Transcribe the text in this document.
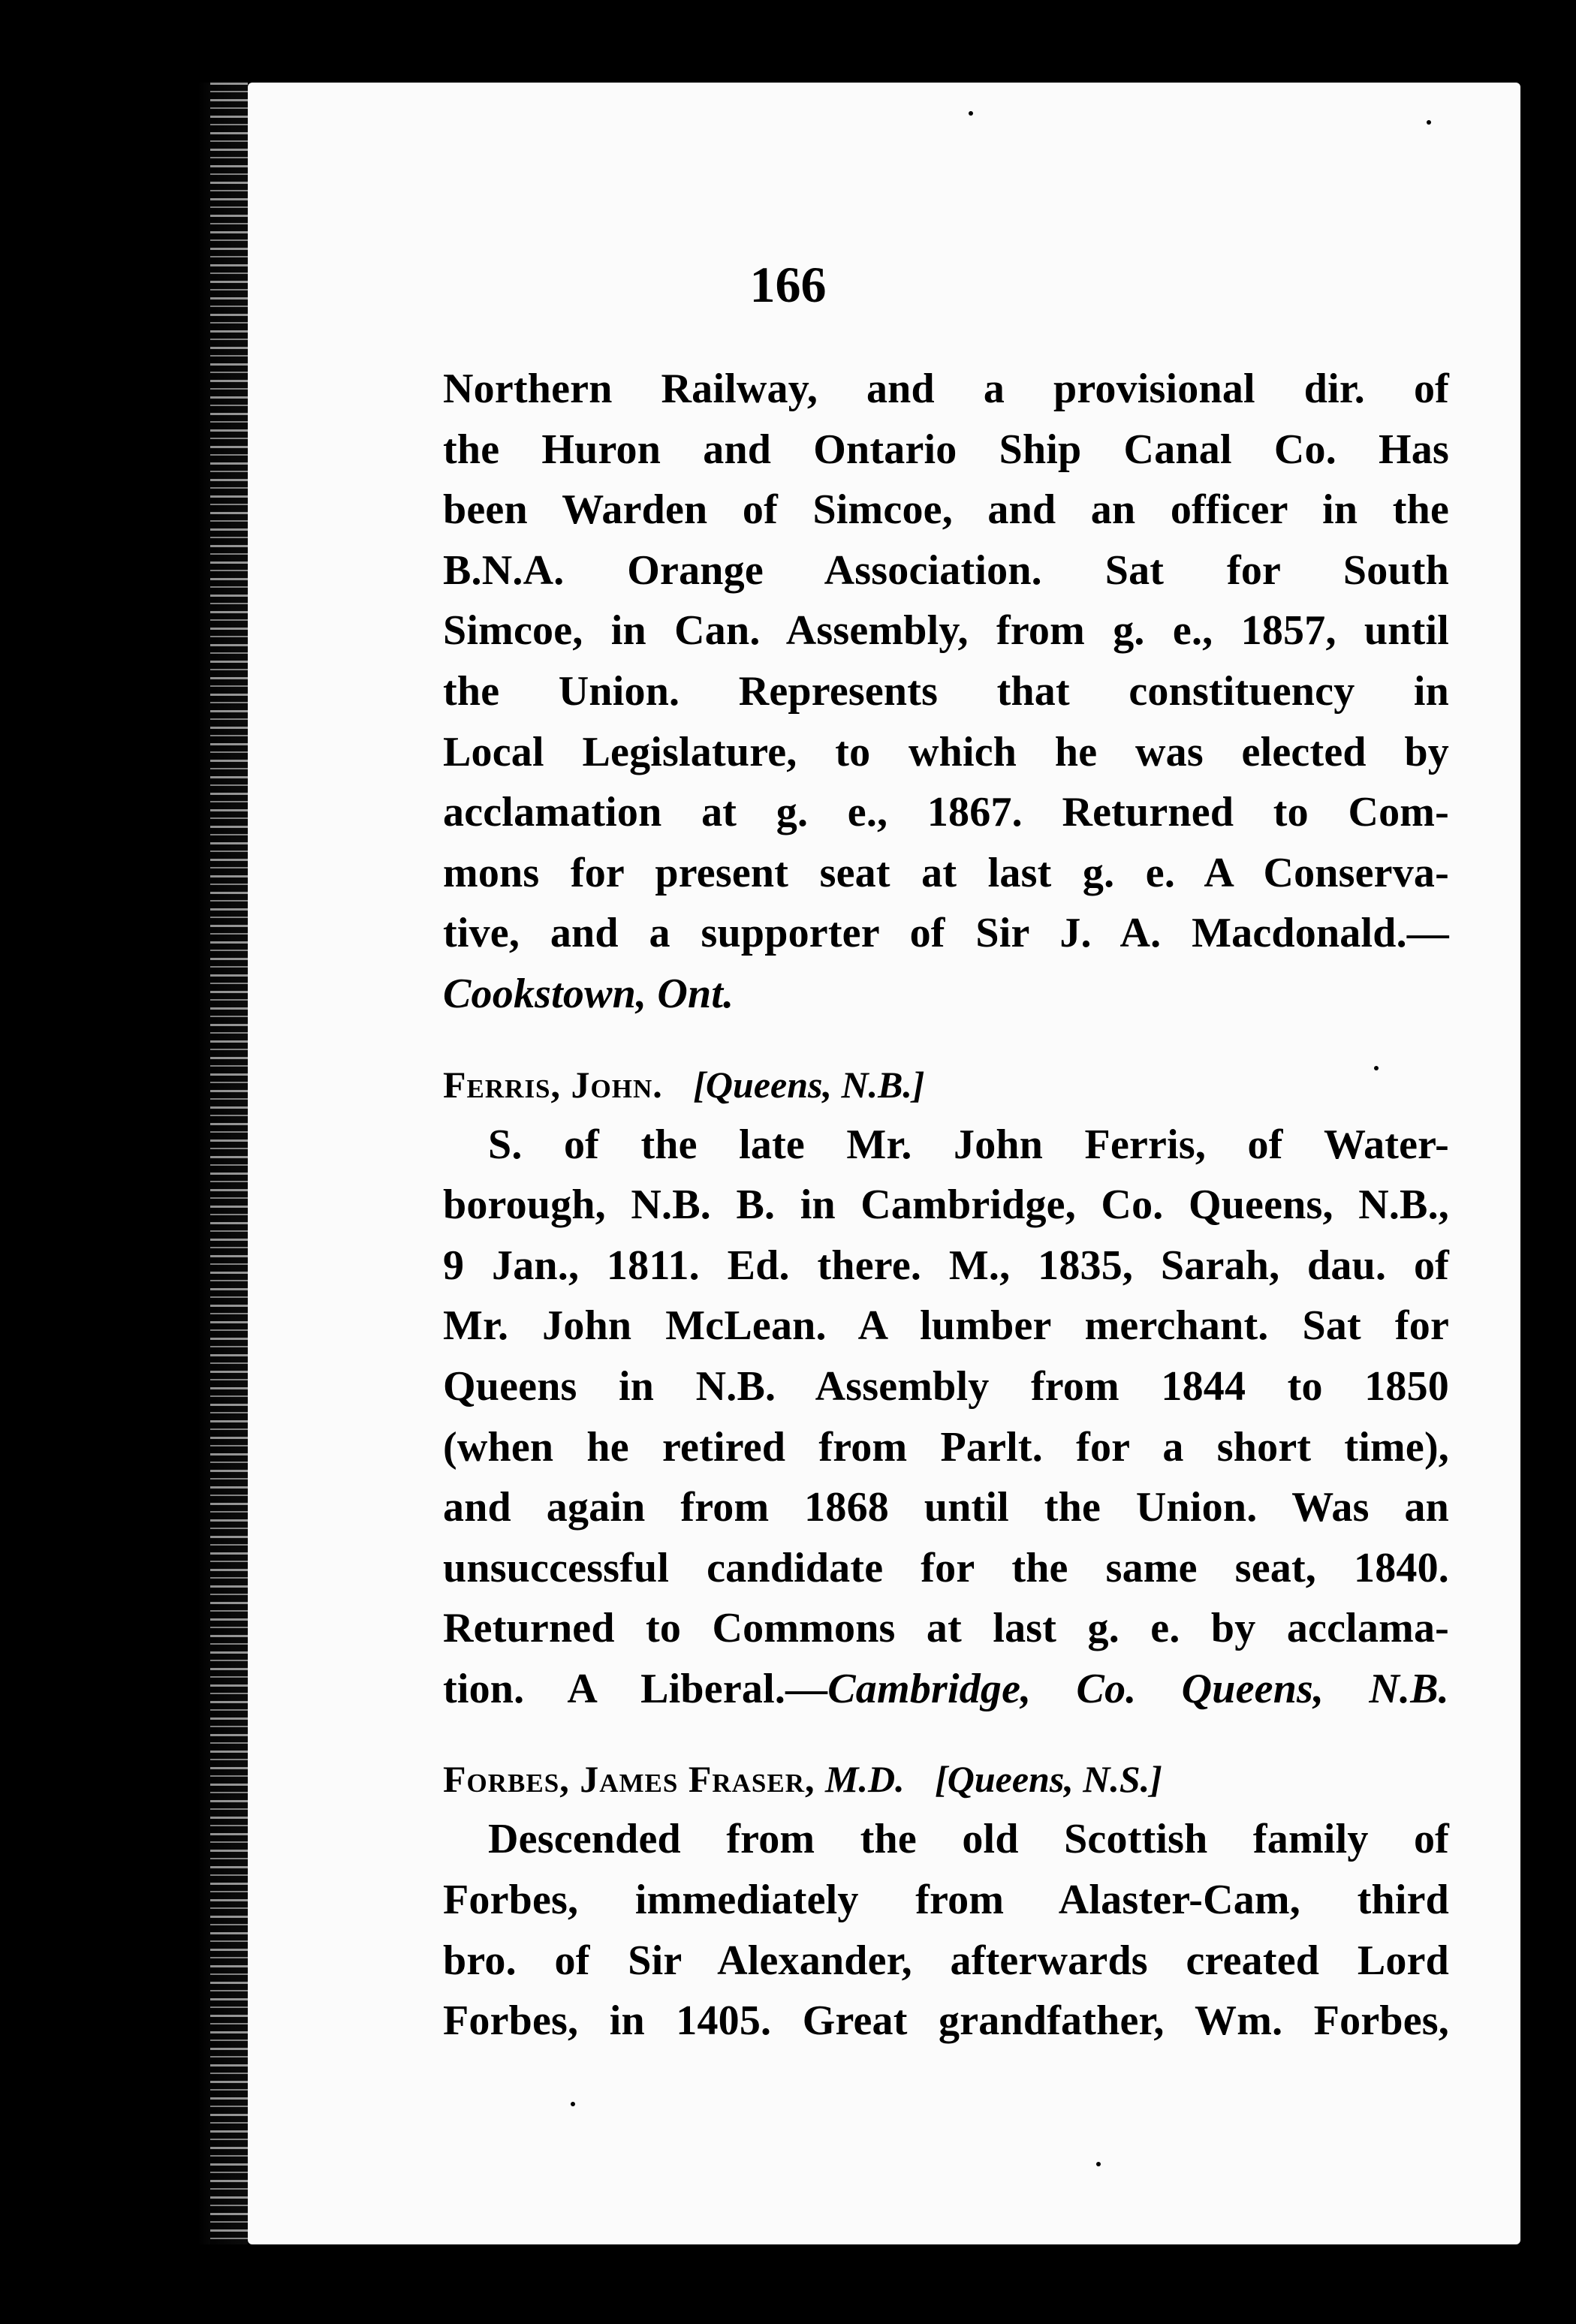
166
Northern Railway, and a provisional dir. of
the Huron and Ontario Ship Canal Co. Has
been Warden of Simcoe, and an officer in the
B.N.A. Orange Association. Sat for South
Simcoe, in Can. Assembly, from g. e., 1857, until
the Union. Represents that constituency in
Local Legislature, to which he was elected by
acclamation at g. e., 1867. Returned to Com-
mons for present seat at last g. e. A Conserva-
tive, and a supporter of Sir J. A. Macdonald.—
Cookstown, Ont.
Ferris, John. [Queens, N.B.]
S. of the late Mr. John Ferris, of Water-
borough, N.B. B. in Cambridge, Co. Queens, N.B.,
9 Jan., 1811. Ed. there. M., 1835, Sarah, dau. of
Mr. John McLean. A lumber merchant. Sat for
Queens in N.B. Assembly from 1844 to 1850
(when he retired from Parlt. for a short time),
and again from 1868 until the Union. Was an
unsuccessful candidate for the same seat, 1840.
Returned to Commons at last g. e. by acclama-
tion. A Liberal.—Cambridge, Co. Queens, N.B.
Forbes, James Fraser, M.D. [Queens, N.S.]
Descended from the old Scottish family of
Forbes, immediately from Alaster-Cam, third
bro. of Sir Alexander, afterwards created Lord
Forbes, in 1405. Great grandfather, Wm. Forbes,
